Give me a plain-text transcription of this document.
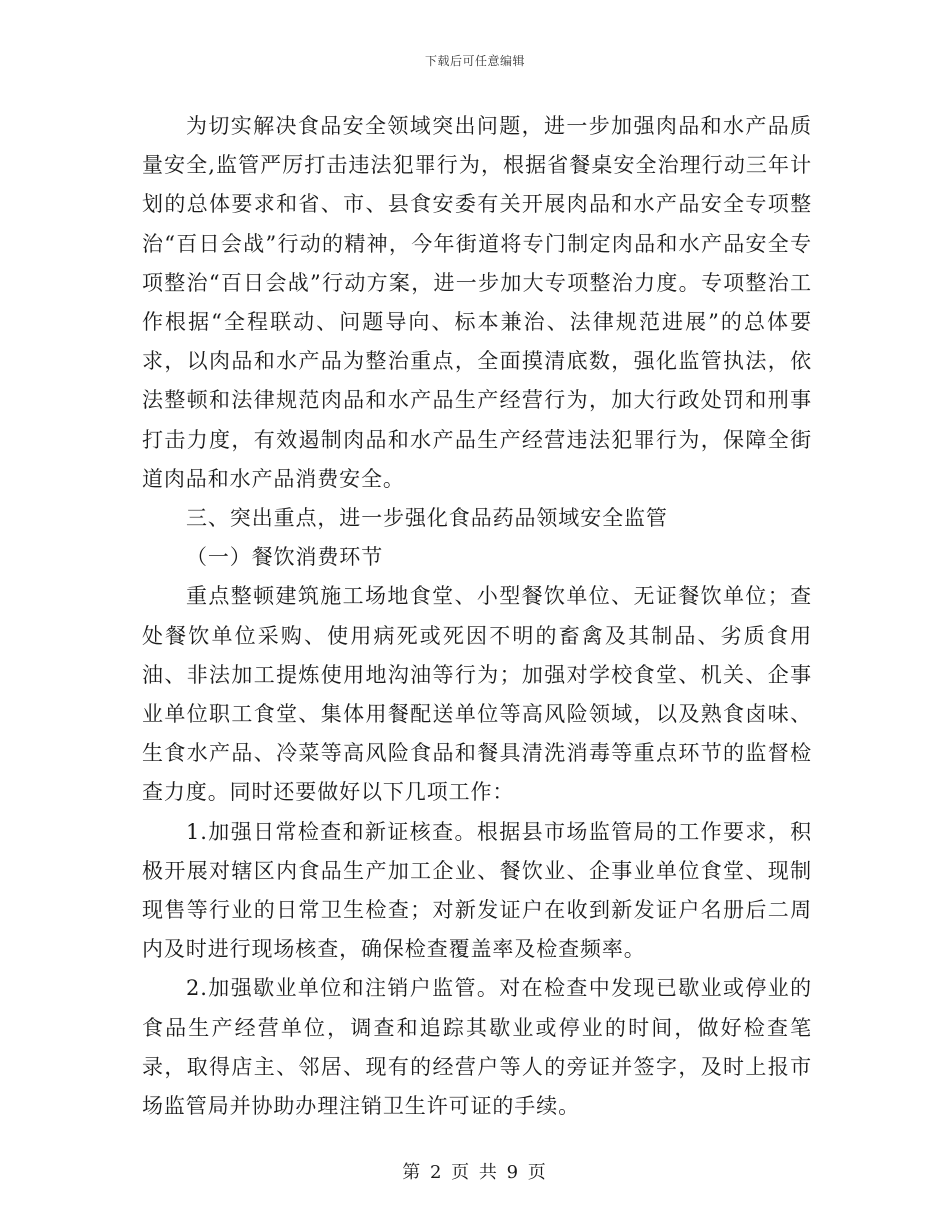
下载后可任意编辑

为切实解决食品安全领域突出问题，进一步加强肉品和水产品质量安全,监管严厉打击违法犯罪行为，根据省餐桌安全治理行动三年计划的总体要求和省、市、县食安委有关开展肉品和水产品安全专项整治“百日会战”行动的精神，今年街道将专门制定肉品和水产品安全专项整治“百日会战”行动方案，进一步加大专项整治力度。专项整治工作根据“全程联动、问题导向、标本兼治、法律规范进展”的总体要求，以肉品和水产品为整治重点，全面摸清底数，强化监管执法，依法整顿和法律规范肉品和水产品生产经营行为，加大行政处罚和刑事打击力度，有效遏制肉品和水产品生产经营违法犯罪行为，保障全街道肉品和水产品消费安全。

三、突出重点，进一步强化食品药品领域安全监管

（一）餐饮消费环节

重点整顿建筑施工场地食堂、小型餐饮单位、无证餐饮单位；查处餐饮单位采购、使用病死或死因不明的畜禽及其制品、劣质食用油、非法加工提炼使用地沟油等行为；加强对学校食堂、机关、企事业单位职工食堂、集体用餐配送单位等高风险领域，以及熟食卤味、生食水产品、冷菜等高风险食品和餐具清洗消毒等重点环节的监督检查力度。同时还要做好以下几项工作：

1.加强日常检查和新证核查。根据县市场监管局的工作要求，积极开展对辖区内食品生产加工企业、餐饮业、企事业单位食堂、现制现售等行业的日常卫生检查；对新发证户在收到新发证户名册后二周内及时进行现场核查，确保检查覆盖率及检查频率。

2.加强歇业单位和注销户监管。对在检查中发现已歇业或停业的食品生产经营单位，调查和追踪其歇业或停业的时间，做好检查笔录，取得店主、邻居、现有的经营户等人的旁证并签字，及时上报市场监管局并协助办理注销卫生许可证的手续。

第 2 页 共 9 页
